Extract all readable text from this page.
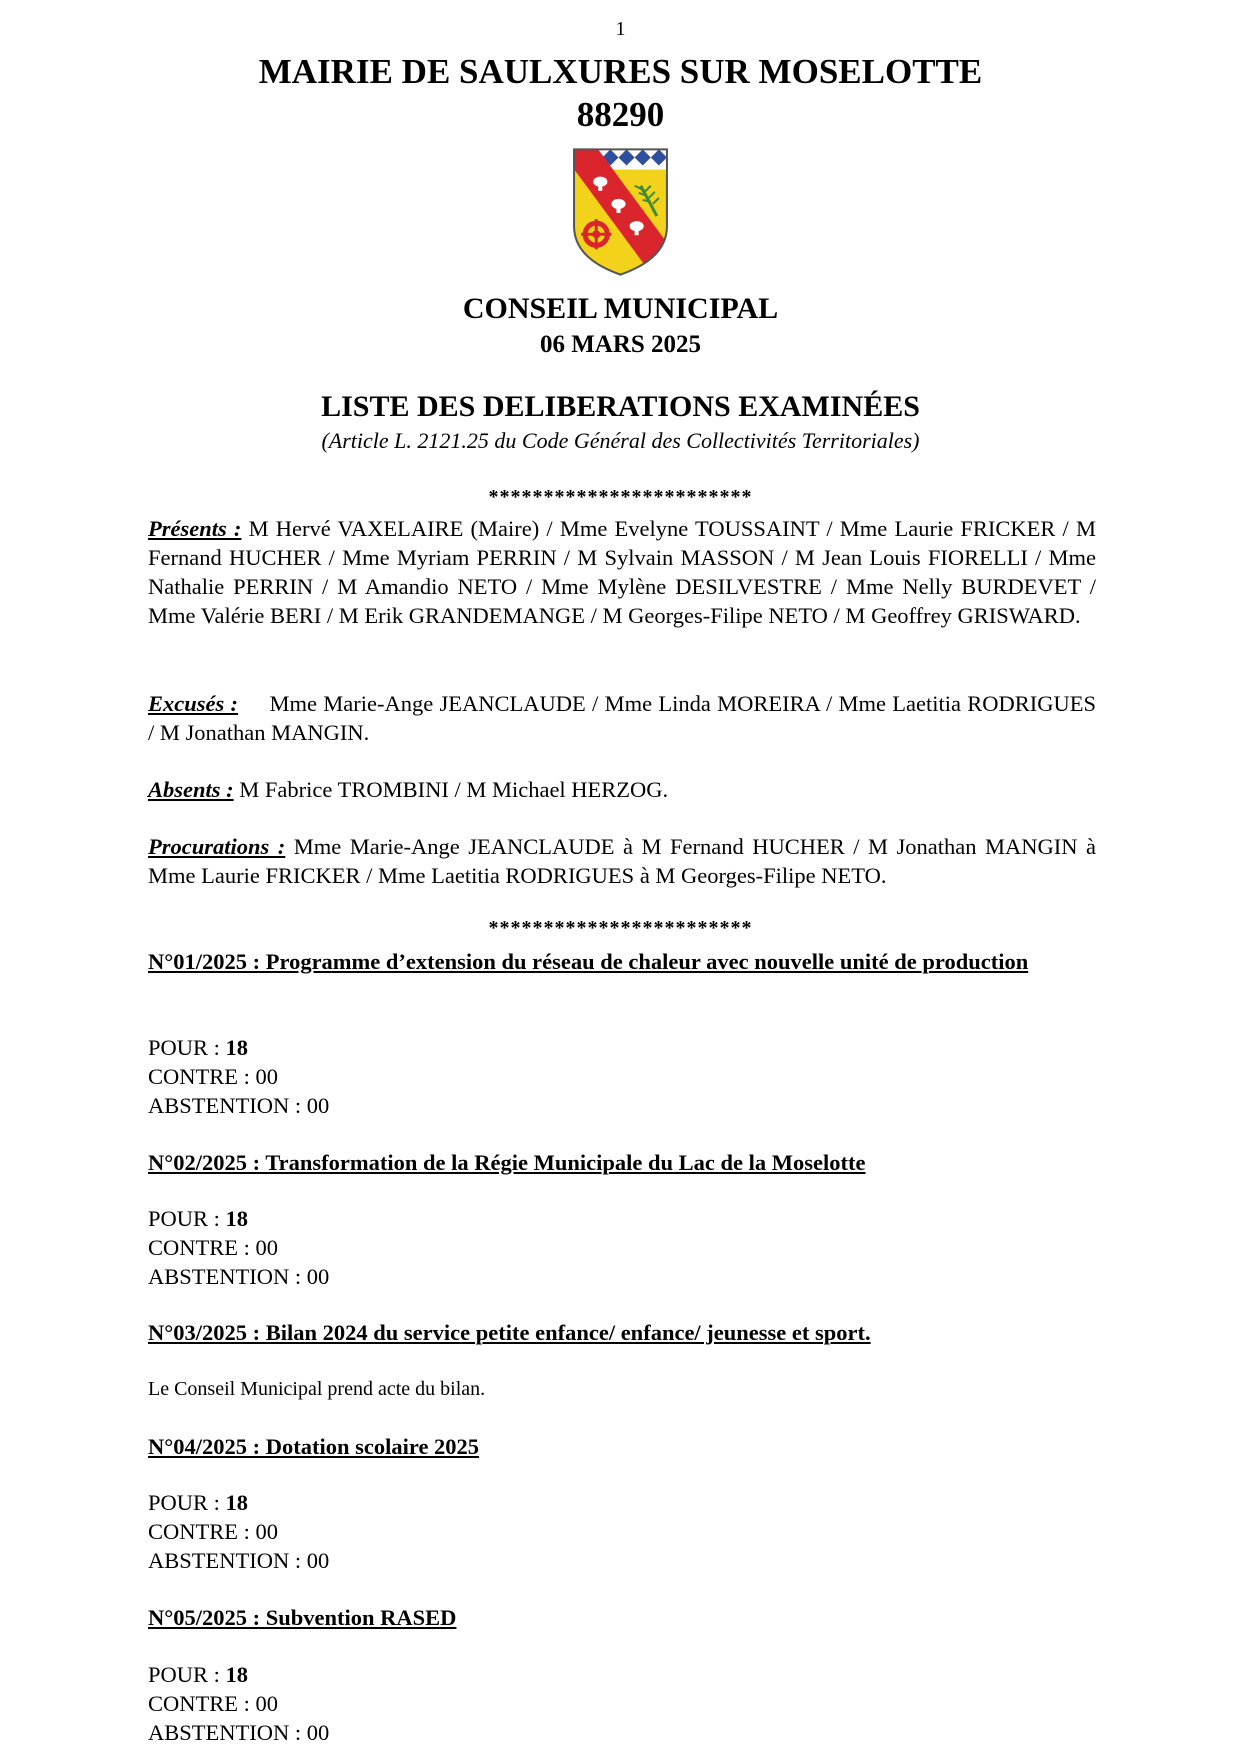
1
MAIRIE DE SAULXURES SUR MOSELOTTE
88290
CONSEIL MUNICIPAL
06 MARS 2025
LISTE DES DELIBERATIONS EXAMINÉES
(Article L. 2121.25 du Code Général des Collectivités Territoriales)
************************
Présents : M Hervé VAXELAIRE (Maire) / Mme Evelyne TOUSSAINT / Mme Laurie FRICKER / M Fernand HUCHER / Mme Myriam PERRIN / M Sylvain MASSON / M Jean Louis FIORELLI / Mme Nathalie PERRIN / M Amandio NETO / Mme Mylène DESILVESTRE / Mme Nelly BURDEVET / Mme Valérie BERI / M Erik GRANDEMANGE / M Georges-Filipe NETO / M Geoffrey GRISWARD.
Excusés : Mme Marie-Ange JEANCLAUDE / Mme Linda MOREIRA / Mme Laetitia RODRIGUES / M Jonathan MANGIN.
Absents : M Fabrice TROMBINI / M Michael HERZOG.
Procurations : Mme Marie-Ange JEANCLAUDE à M Fernand HUCHER / M Jonathan MANGIN à Mme Laurie FRICKER / Mme Laetitia RODRIGUES à M Georges-Filipe NETO.
************************
N°01/2025 : Programme d’extension du réseau de chaleur avec nouvelle unité de production
POUR : 18
CONTRE : 00
ABSTENTION : 00
N°02/2025 : Transformation de la Régie Municipale du Lac de la Moselotte
POUR : 18
CONTRE : 00
ABSTENTION : 00
N°03/2025 : Bilan 2024 du service petite enfance/ enfance/ jeunesse et sport.
Le Conseil Municipal prend acte du bilan.
N°04/2025 : Dotation scolaire 2025
POUR : 18
CONTRE : 00
ABSTENTION : 00
N°05/2025 : Subvention RASED
POUR : 18
CONTRE : 00
ABSTENTION : 00
